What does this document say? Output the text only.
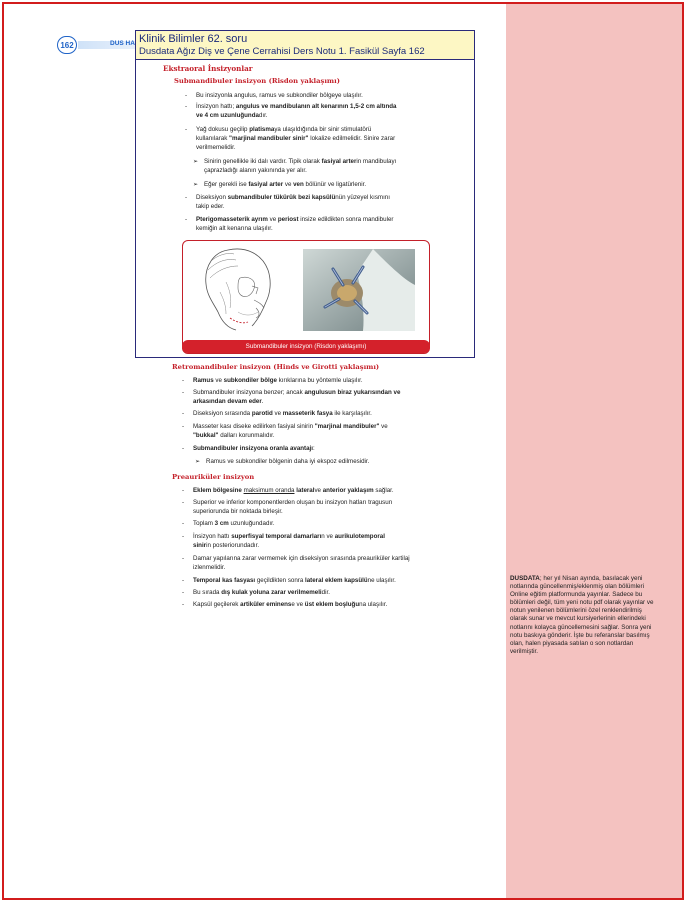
162	DUS HA Klinik Bilimler 62. soru
Dusdata Ağız Diş ve Çene Cerrahisi Ders Notu 1. Fasikül Sayfa 162
Ekstraoral İnsizyonlar
Submandibuler insizyon (Risdon yaklaşımı)
- Bu insizyonla angulus, ramus ve subkondiler bölgeye ulaşılır.
- İnsizyon hattı; angulus ve mandibulanın alt kenarının 1,5-2 cm altında
ve 4 cm uzunluğundadır.
- Yağ dokusu geçilip platismaya ulaşıldığında bir sinir stimulatörü
kullanılarak "marjinal mandibuler sinir" lokalize edilmelidir. Sinire zarar
verilmemelidir.
➢ Sinirin genellikle iki dalı vardır. Tipik olarak fasiyal arterin mandibulayı
çaprazladığı alanın yakınında yer alır.
➢ Eğer gerekli ise fasiyal arter ve ven bölünür ve ligatürlenir.
- Diseksiyon submandibuler tükürük bezi kapsülünün yüzeyel kısmını
takip eder.
- Pterigomasseterik ayrım ve periost insize edildikten sonra mandibuler
kemiğin alt kenarına ulaşılır.
Submandibuler insizyon (Risdon yaklaşımı)
Retromandibuler insizyon (Hinds ve Girotti yaklaşımı)
- Ramus ve subkondiler bölge kırıklarına bu yöntemle ulaşılır.
- Submandibuler insizyona benzer; ancak angulusun biraz yukarısından ve
arkasından devam eder.
- Diseksiyon sırasında parotid ve masseterik fasya ile karşılaşılır.
- Masseter kası diseke edilirken fasiyal sinirin "marjinal mandibuler" ve
"bukkal" dalları korunmalıdır.
- Submandibuler insizyona oranla avantajı:
➢ Ramus ve subkondiler bölgenin daha iyi ekspoz edilmesidir.
Preauriküler insizyon
- Eklem bölgesine maksimum oranda lateralve anterior yaklaşım sağlar.
- Superior ve inferior komponentlerden oluşan bu insizyon hatları tragusun
superiorunda bir noktada birleşir.
- Toplam 3 cm uzunluğundadır.
- İnsizyon hattı superfisyal temporal damarların ve aurikulotemporal
sinirin posteriorundadır.
- Damar yapılarına zarar vermemek için diseksiyon sırasında preauriküler kartilaj
izlenmelidir.
- Temporal kas fasyası geçildikten sonra lateral eklem kapsülüne ulaşılır.
- Bu sırada dış kulak yoluna zarar verilmemelidir.
- Kapsül geçilerek artiküler eminense ve üst eklem boşluğuna ulaşılır.
DUSDATA; her yıl Nisan ayında, basılacak yeni notlarında güncellenmiş/eklenmiş olan bölümleri Online eğitim platformunda yayınlar. Sadece bu bölümleri değil, tüm yeni notu pdf olarak yayınlar ve notun yenilenen bölümlerini özel renklendirilmiş olarak sunar ve mevcut kursiyerlerinin ellerindeki notlarını kolayca güncellemesini sağlar. Sonra yeni notu baskıya gönderir. İşte bu referanslar basılmış olan, halen piyasada satılan o son notlardan verilmiştir.
